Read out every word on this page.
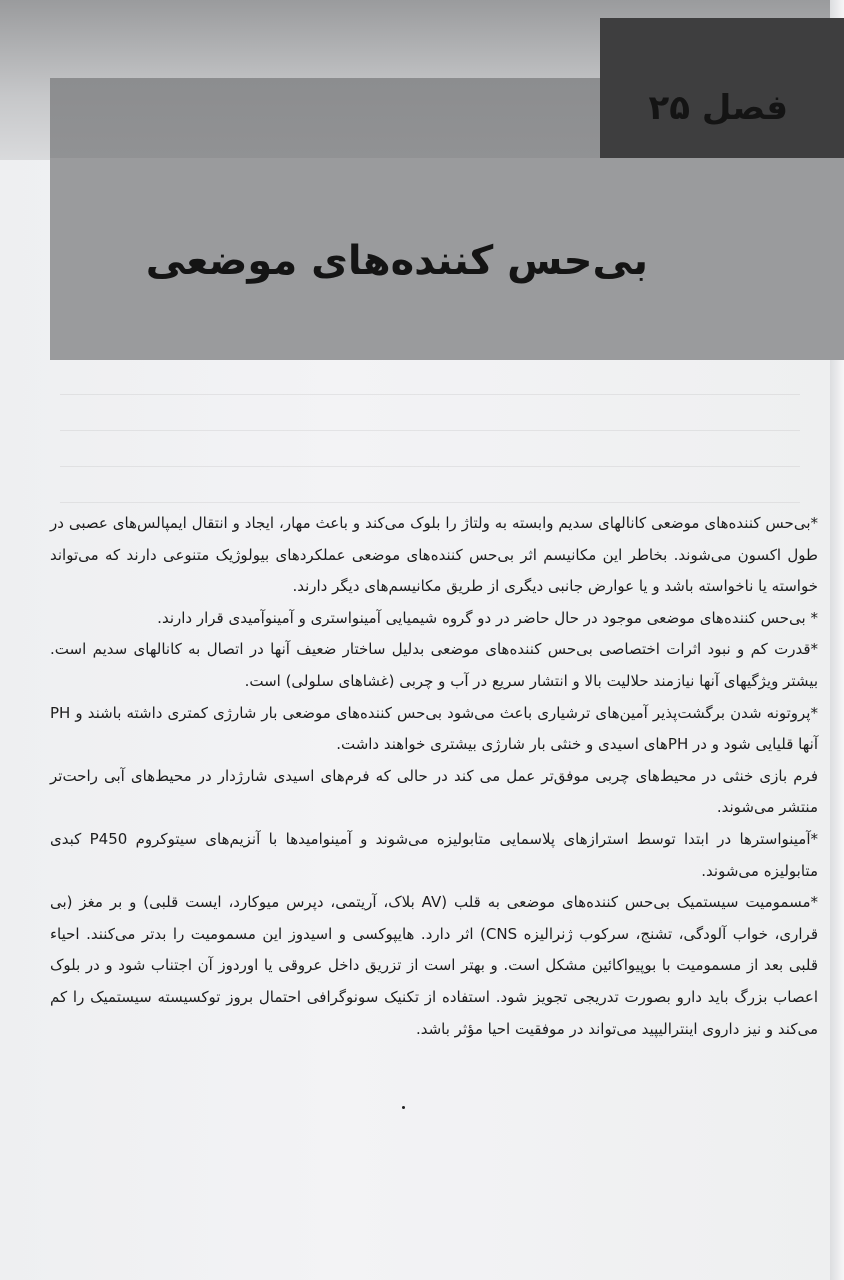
فصل ۲۵
بی‌حس کننده‌های موضعی

*بی‌حس کننده‌های موضعی کانالهای سدیم وابسته به ولتاژ را بلوک می‌کند و باعث مهار، ایجاد و انتقال ایمپالس‌های عصبی در طول اکسون می‌شوند. بخاطر این مکانیسم اثر بی‌حس کننده‌های موضعی عملکردهای بیولوژیک متنوعی دارند که می‌تواند خواسته یا ناخواسته باشد و یا عوارض جانبی دیگری از طریق مکانیسم‌های دیگر دارند.

* بی‌حس کننده‌های موضعی موجود در حال حاضر در دو گروه شیمیایی آمینواستری و آمینوآمیدی قرار دارند.

*قدرت کم و نبود اثرات اختصاصی بی‌حس کننده‌های موضعی بدلیل ساختار ضعیف آنها در اتصال به کانالهای سدیم است. بیشتر ویژگیهای آنها نیازمند حلالیت بالا و انتشار سریع در آب و چربی (غشاهای سلولی) است.

*پروتونه شدن برگشت‌پذیر آمین‌های ترشیاری باعث می‌شود بی‌حس کننده‌های موضعی بار شارژی کمتری داشته باشند و PH آنها قلیایی شود و در PHهای اسیدی و خنثی بار شارژی بیشتری خواهند داشت.

فرم بازی خنثی در محیط‌های چربی موفق‌تر عمل می کند در حالی که فرم‌های اسیدی شارژدار در محیط‌های آبی راحت‌تر منتشر می‌شوند.

*آمینواسترها در ابتدا توسط استرازهای پلاسمایی متابولیزه می‌شوند و آمینوامیدها با آنزیم‌های سیتوکروم P450 کبدی متابولیزه می‌شوند.

*مسمومیت سیستمیک بی‌حس کننده‌های موضعی به قلب (AV بلاک، آریتمی، دپرس میوکارد، ایست قلبی) و بر مغز (بی قراری، خواب آلودگی، تشنج، سرکوب ژنرالیزه CNS) اثر دارد. هایپوکسی و اسیدوز این مسمومیت را بدتر می‌کنند. احیاء قلبی بعد از مسمومیت با بوپیواکائین مشکل است. و بهتر است از تزریق داخل عروقی یا اوردوز آن اجتناب شود و در بلوک اعصاب بزرگ باید دارو بصورت تدریجی تجویز شود. استفاده از تکنیک سونوگرافی احتمال بروز توکسیسته سیستمیک را کم می‌کند و نیز داروی اینترالیپید می‌تواند در موفقیت احیا مؤثر باشد.
